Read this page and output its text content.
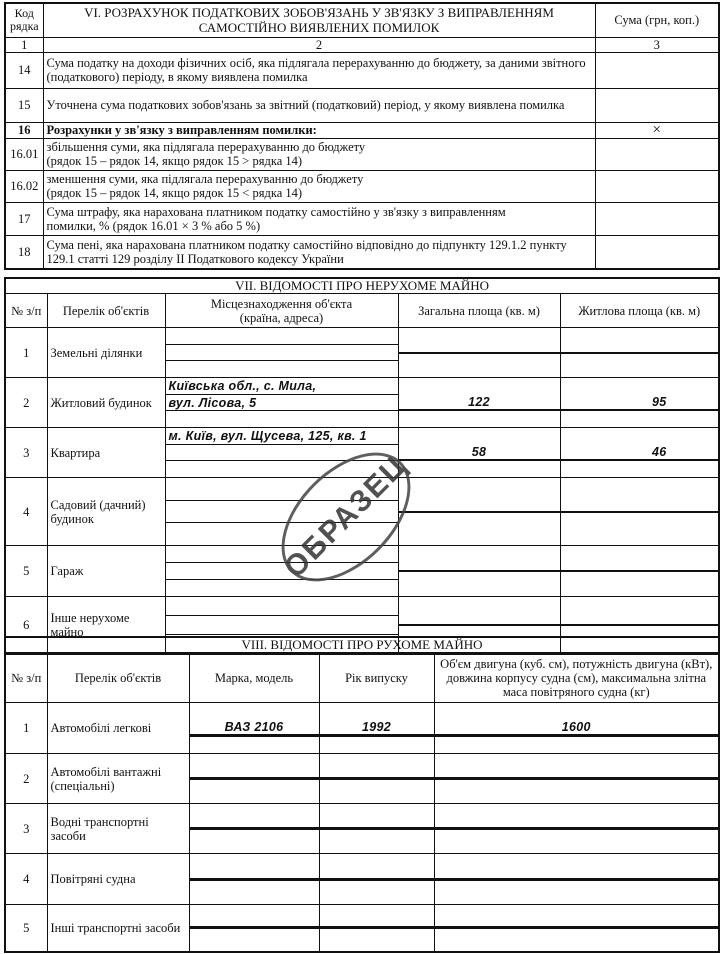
Код рядка	VI. РОЗРАХУНОК ПОДАТКОВИХ ЗОБОВ'ЯЗАНЬ У ЗВ'ЯЗКУ З ВИПРАВЛЕННЯМ САМОСТІЙНО ВИЯВЛЕНИХ ПОМИЛОК	Сума (грн, коп.)
1	2	3
14	Сума податку на доходи фізичних осіб, яка підлягала перерахуванню до бюджету, за даними звітного (податкового) періоду, в якому виявлена помилка	
15	Уточнена сума податкових зобов'язань за звітний (податковий) період, у якому виявлена помилка	
16	Розрахунки у зв'язку з виправленням помилки:	×
16.01	збільшення суми, яка підлягала перерахуванню до бюджету
(рядок 15 – рядок 14, якщо рядок 15 > рядка 14)	

16.02	зменшення суми, яка підлягала перерахуванню до бюджету
(рядок 15 – рядок 14, якщо рядок 15 < рядка 14)	

17	Сума штрафу, яка нарахована платником податку самостійно у зв'язку з виправленням
помилки, % (рядок 16.01 × 3 % або 5 %)	

18	Сума пені, яка нарахована платником податку самостійно відповідно до підпункту 129.1.2 пункту 129.1 статті 129 розділу ІІ Податкового кодексу України	
VII. ВІДОМОСТІ ПРО НЕРУХОМЕ МАЙНО				
№ з/п	Перелік об'єктів	Місцезнаходження об'єкта
(країна, адреса)	Загальна площа (кв. м)	Житлова площа (кв. м)
1	Земельні ділянки	

2	Житловий будинок	Київська обл., с. Мила,
вул. Лісова, 5	122	95

3	Квартира	м. Київ, вул. Щусева, 125, кв. 1	58	46

4	Садовий (дачний) будинок	

5	Гараж	

6	Інше нерухоме майно	

VIII. ВІДОМОСТІ ПРО РУХОМЕ МАЙНО				
№ з/п	Перелік об'єктів	Марка, модель	Рік випуску	Об'єм двигуна (куб. см), потужність двигуна (кВт), довжина корпусу судна (см), максимальна злітна маса повітряного судна (кг)
1	Автомобілі легкові	ВАЗ 2106	1992	1600

2	Автомобілі вантажні (спеціальні)	

3	Водні транспортні засоби	

4	Повітряні судна	

5	Інші транспортні засоби	

ОБРАЗЕЦ
